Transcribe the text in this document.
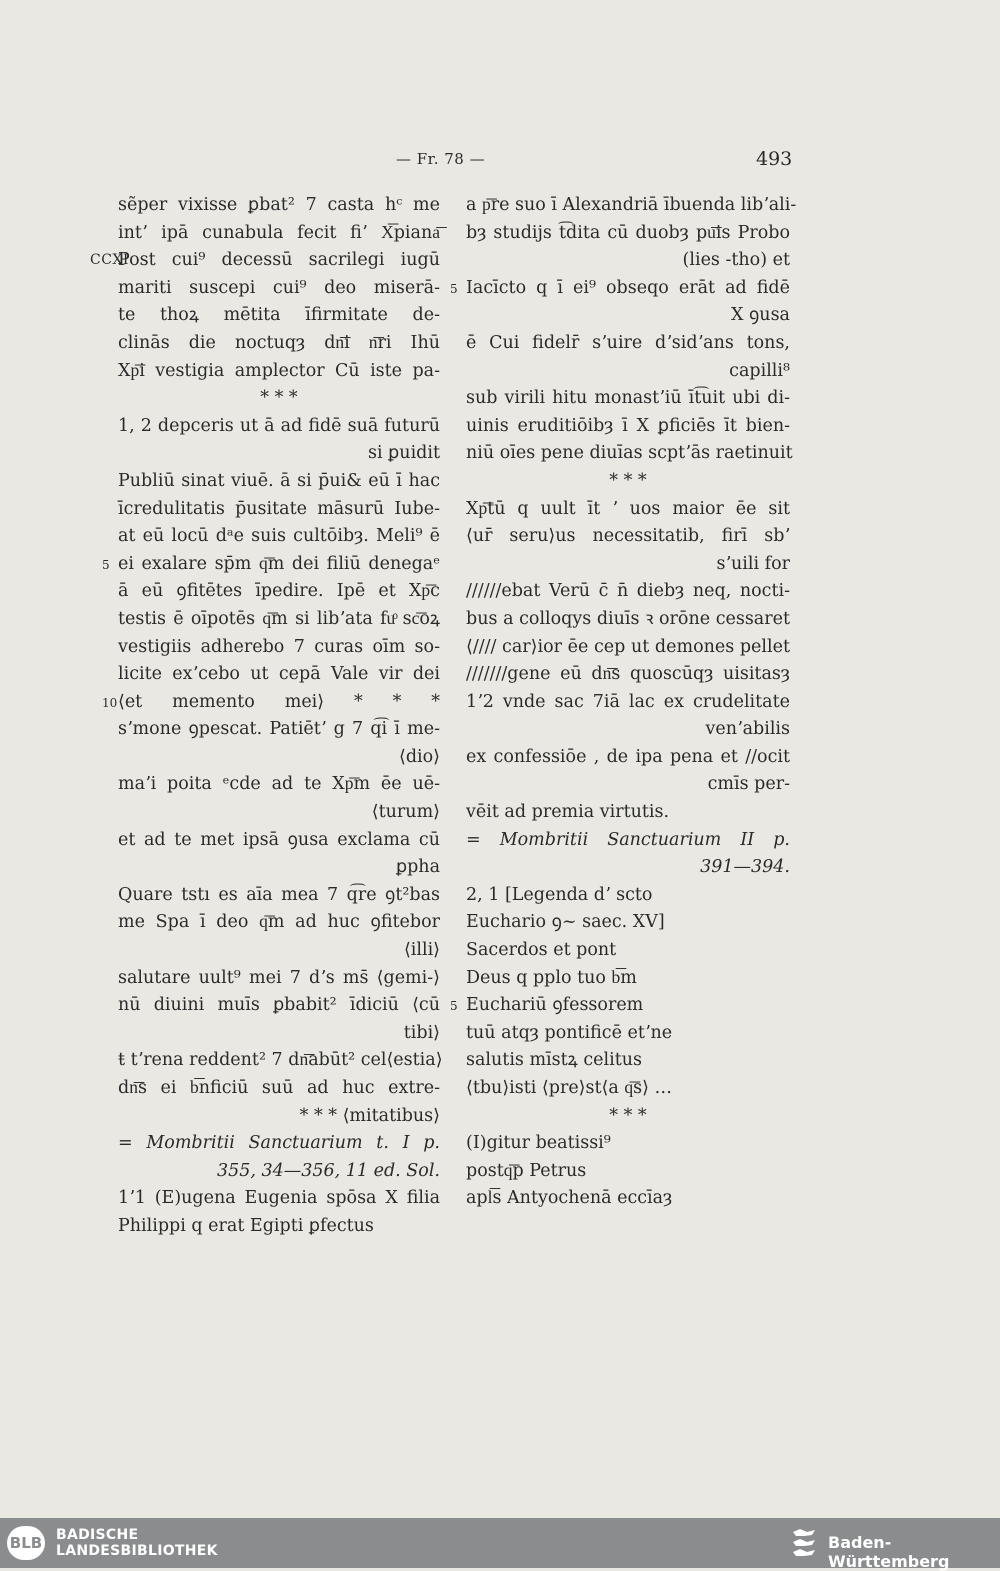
— Fr. 78 —	493
sẽper vixisse ꝑbat² 7 casta hᶜ me
intʼ ipā cunabula fecit fiʼ X͞piana͞
CCXI
Post cui⁹ decessū sacrilegi iugū
mariti suscepi cui⁹ deo miserā-
te thoꝝ mētita īfirmitate de-
clinās die noctuqȝ dn͞i n͞ri Ihū
Xp͞i vestigia amplector Cū iste pa-
* * *
1, 2 depceris ut ā ad fidē suā futurū
si ꝑuidit
Publiū sinat viuē. ā si p̄ui& eū ī hac
īcredulitatis p̄usitate māsurū Iube-
at eū locū dᵃe suis cultōibȝ. Meli⁹ ē
5 ei exalare sp̄m q͞m dei filiū denegaᵉ
ā eū ꝯfitētes īpedire. Ipē et Xp͞c
testis ē oīpotēs q͞m si libʼata fuͦ sc͞oꝝ
vestigiis adherebo 7 curas oīm so-
licite exʼcebo ut cepā Vale vir dei
10 ⟨et memento mei⟩ * * *
sʼmone ꝯpescat. Patiētʼ g 7 q͡i ī me-
⟨dio⟩
maʼi poita ᵉcde ad te Xp͞m ēe uē-
⟨turum⟩
et ad te met ipsā ꝯusa exclama cū
ꝑpha
Quare tstı es aīa mea 7 q͡re ꝯt²bas
me Spa ī deo q͞m ad huc ꝯfitebor
⟨illi⟩
salutare uult⁹ mei 7 dʼs ms̄ ⟨gemi-⟩
nū diuini muīs ꝑbabit² īdiciū ⟨cū
tibi⟩
ŧ tʼrena reddent² 7 dn͞abūt² cel⟨estia⟩
dn͞s ei b͞nficiū suū ad huc extre-
* * * ⟨mitatibus⟩
= Mombritii Sanctuarium t. I p.
355, 34—356, 11 ed. Sol.
1ʼ1 (E)ugena Eugenia spōsa X filia
Philippi q erat Egipti ꝑfectus
a p͞re suo ī Alexandriā ībuenda libʼali-
bȝ studijs t͡dita cū duobȝ pu͞is Probo
(lies -tho) et
5 Iacīcto q ī ei⁹ obseqo erāt ad fidē
X ꝯusa
ē Cui fidelr̄ sʼuire dʼsidʼans tons,
capilli⁸
sub virili hitu monastʼiū īt͡uit ubi di-
uinis eruditiōibȝ ī X ꝑficiēs īt bien-
niū oīes pene diuīas scptʼās raetinuit
* * *
Xp͞tū q uult īt ʼ uos maior ēe sit
⟨ur̄ seru⟩us necessitatib, firī sbʼ
sʼuili for
//////ebat Verū c̄ n̄ diebȝ neq, nocti-
bus a colloqys diuīs ꝛ orōne cessaret
⟨//// car⟩ior ēe cep ut demones pellet
///////gene eū dn͞s quoscūqȝ uisitasȝ
1ʼ2 vnde sac 7iā lac ex crudelitate
venʼabilis
ex confessiōe , de ipa pena et //ocit
cmīs per-
vēit ad premia virtutis.
= Mombritii Sanctuarium II p.
391—394.
2, 1 [Legenda dʼ scto
Euchario ꝯ~ saec. XV]
Sacerdos et pont
Deus q pplo tuo b͞m
5 Euchariū ꝯfessorem
tuū atqȝ pontificē etʼne
salutis mīstꝝ celitus
⟨tbu⟩isti ⟨pre⟩st⟨a q͞s⟩ …
* * *
(I)gitur beatissi⁹
postq͞p Petrus
apl͞s Antyochenā eccīaȝ
BLB BADISCHE
LANDESBIBLIOTHEK	Baden-Württemberg
